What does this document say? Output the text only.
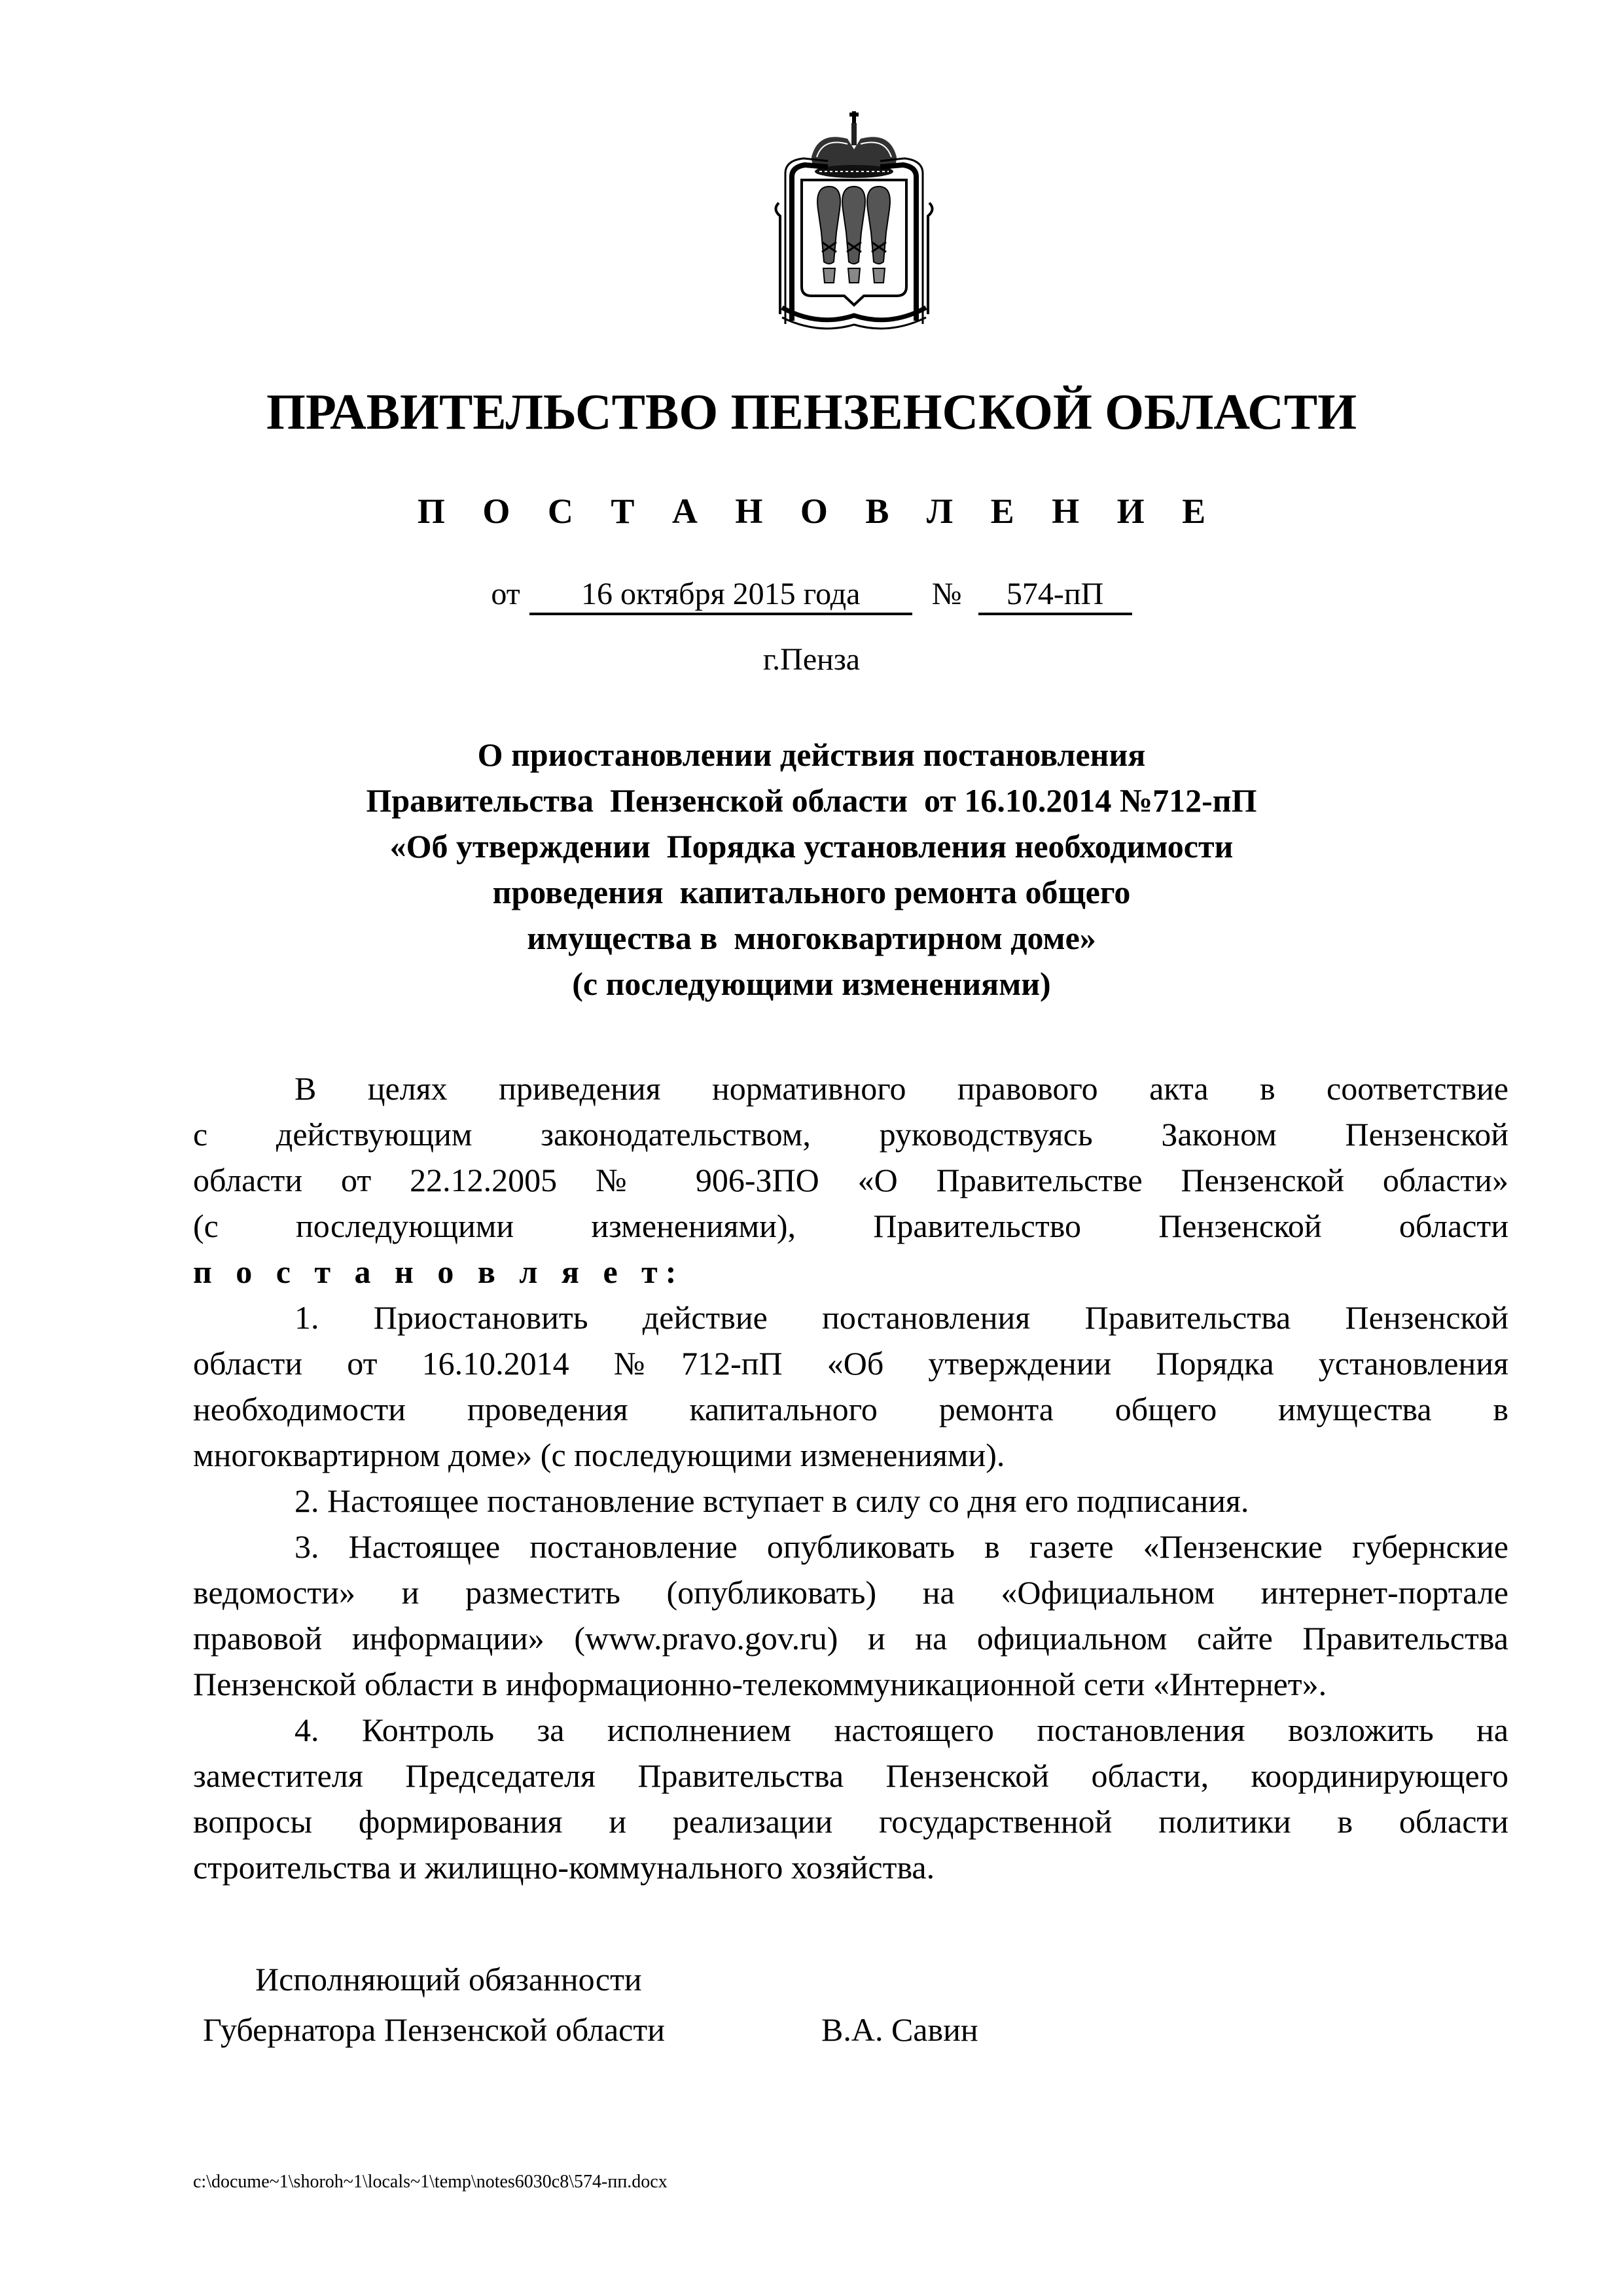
ПРАВИТЕЛЬСТВО ПЕНЗЕНСКОЙ ОБЛАСТИ
П О С Т А Н О В Л Е Н И Е
от 16 октября 2015 года № 574-пП
г.Пенза
О приостановлении действия постановления
Правительства  Пензенской области  от 16.10.2014 №712-пП
«Об утверждении  Порядка установления необходимости
проведения  капитального ремонта общего
имущества в  многоквартирном доме»
(с последующими изменениями)
В целях приведения нормативного правового акта в соответствие
с действующим законодательством, руководствуясь Законом Пензенской
области от 22.12.2005 № 906-ЗПО «О Правительстве Пензенской области»
(с последующими изменениями), Правительство Пензенской области
п о с т а н о в л я е т:
1. Приостановить действие постановления Правительства Пензенской
области от 16.10.2014 №712-пП «Об утверждении Порядка установления
необходимости проведения капитального ремонта общего имущества в
многоквартирном доме» (с последующими изменениями).
2. Настоящее постановление вступает в силу со дня его подписания.
3. Настоящее постановление опубликовать в газете «Пензенские губернские
ведомости» и разместить (опубликовать) на «Официальном интернет-портале
правовой информации» (www.pravo.gov.ru) и на официальном сайте Правительства
Пензенской области в информационно-телекоммуникационной сети «Интернет».
4. Контроль за исполнением настоящего постановления возложить на
заместителя Председателя Правительства Пензенской области, координирующего
вопросы формирования и реализации государственной политики в области
строительства и жилищно-коммунального хозяйства.
Исполняющий обязанности
Губернатора Пензенской области	В.А. Савин
c:\docume~1\shoroh~1\locals~1\temp\notes6030c8\574-пп.docx
